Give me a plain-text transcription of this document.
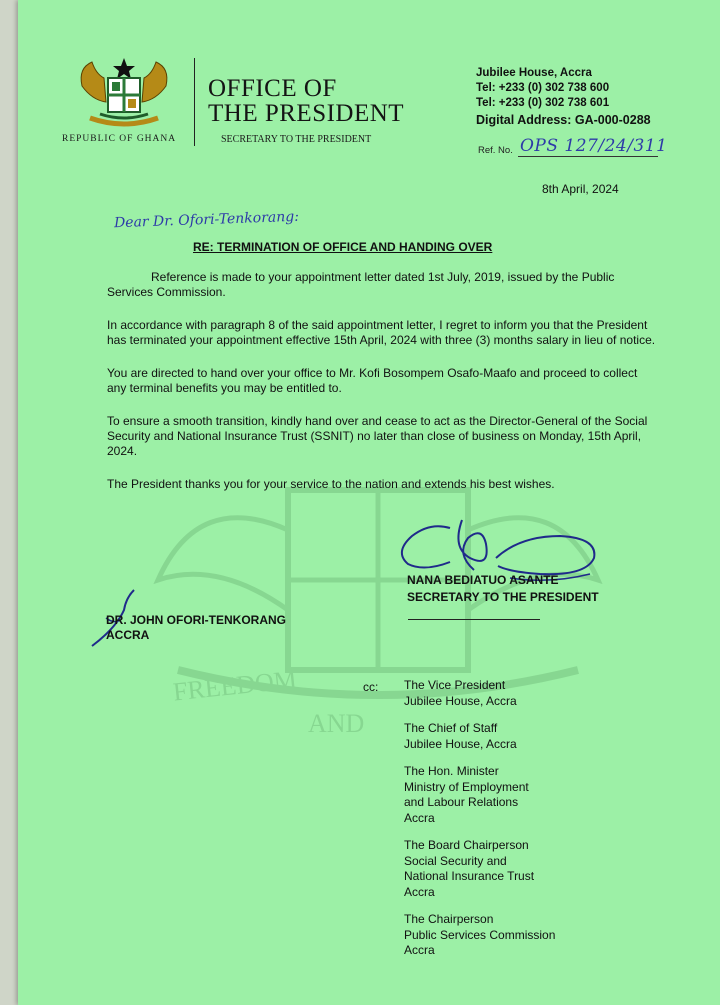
FREEDOM
AND
REPUBLIC OF GHANA
OFFICE OF
THE PRESIDENT
SECRETARY TO THE PRESIDENT
Jubilee House, Accra
Tel: +233 (0) 302 738 600
Tel: +233 (0) 302 738 601
Digital Address: GA-000-0288
Ref. No. OPS 127/24/311
8th April, 2024
Dear Dr. Ofori-Tenkorang:
RE: TERMINATION OF OFFICE AND HANDING OVER

Reference is made to your appointment letter dated 1st July, 2019, issued by the Public Services Commission.

In accordance with paragraph 8 of the said appointment letter, I regret to inform you that the President has terminated your appointment effective 15th April, 2024 with three (3) months salary in lieu of notice.

You are directed to hand over your office to Mr. Kofi Bosompem Osafo-Maafo and proceed to collect any terminal benefits you may be entitled to.

To ensure a smooth transition, kindly hand over and cease to act as the Director-General of the Social Security and National Insurance Trust (SSNIT) no later than close of business on Monday, 15th April, 2024.

The President thanks you for your service to the nation and extends his best wishes.

NANA BEDIATUO ASANTE
SECRETARY TO THE PRESIDENT
DR. JOHN OFORI-TENKORANG
ACCRA
cc: The Vice President
Jubilee House, Accra
The Chief of Staff
Jubilee House, Accra
The Hon. Minister
Ministry of Employment
and Labour Relations
Accra
The Board Chairperson
Social Security and
National Insurance Trust
Accra
The Chairperson
Public Services Commission
Accra
